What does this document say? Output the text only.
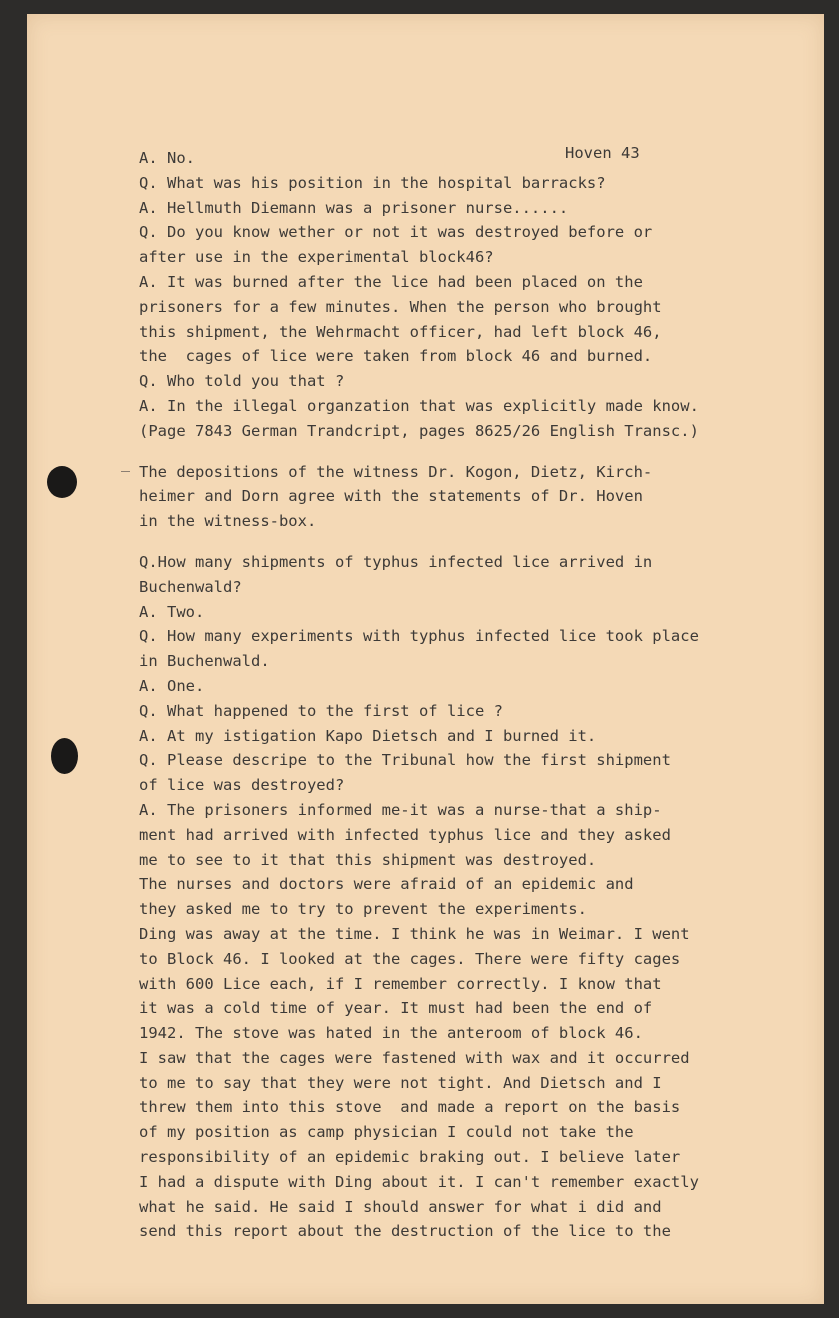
Hoven 43
A. No.
Q. What was his position in the hospital barracks?
A. Hellmuth Diemann was a prisoner nurse......
Q. Do you know wether or not it was destroyed before or
after use in the experimental block46?
A. It was burned after the lice had been placed on the
prisoners for a few minutes. When the person who brought
this shipment, the Wehrmacht officer, had left block 46,
the  cages of lice were taken from block 46 and burned.
Q. Who told you that ?
A. In the illegal organzation that was explicitly made know.
(Page 7843 German Trandcript, pages 8625/26 English Transc.)
The depositions of the witness Dr. Kogon, Dietz, Kirch-
heimer and Dorn agree with the statements of Dr. Hoven
in the witness-box.
Q.How many shipments of typhus infected lice arrived in
Buchenwald?
A. Two.
Q. How many experiments with typhus infected lice took place
in Buchenwald.
A. One.
Q. What happened to the first of lice ?
A. At my istigation Kapo Dietsch and I burned it.
Q. Please descripe to the Tribunal how the first shipment
of lice was destroyed?
A. The prisoners informed me-it was a nurse-that a ship-
ment had arrived with infected typhus lice and they asked
me to see to it that this shipment was destroyed.
The nurses and doctors were afraid of an epidemic and
they asked me to try to prevent the experiments.
Ding was away at the time. I think he was in Weimar. I went
to Block 46. I looked at the cages. There were fifty cages
with 600 Lice each, if I remember correctly. I know that
it was a cold time of year. It must had been the end of
1942. The stove was hated in the anteroom of block 46.
I saw that the cages were fastened with wax and it occurred
to me to say that they were not tight. And Dietsch and I
threw them into this stove  and made a report on the basis
of my position as camp physician I could not take the
responsibility of an epidemic braking out. I believe later
I had a dispute with Ding about it. I can't remember exactly
what he said. He said I should answer for what i did and
send this report about the destruction of the lice to the
